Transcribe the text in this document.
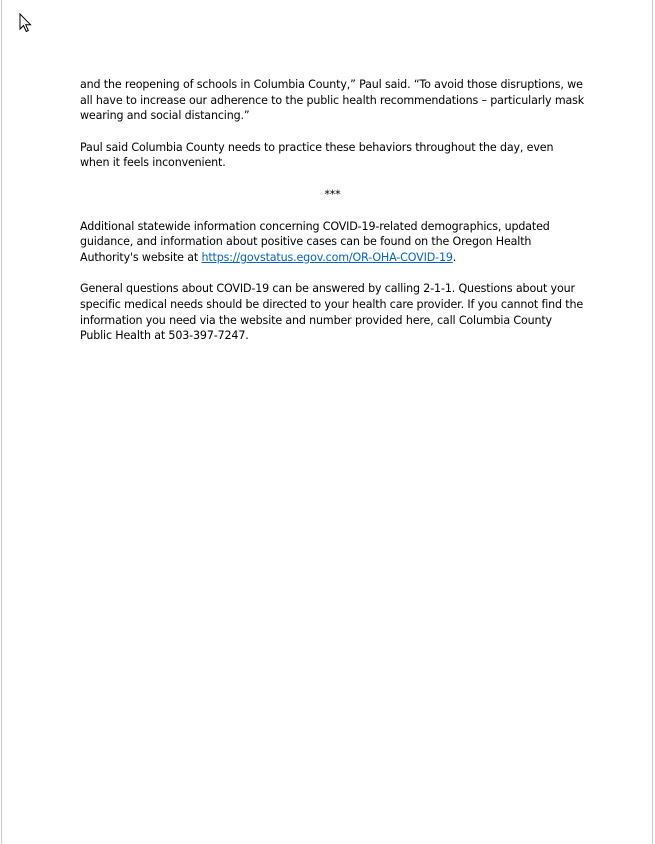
and the reopening of schools in Columbia County,” Paul said. “To avoid those disruptions, we all have to increase our adherence to the public health recommendations – particularly mask wearing and social distancing.”

Paul said Columbia County needs to practice these behaviors throughout the day, even when it feels inconvenient.

***

Additional statewide information concerning COVID-19-related demographics, updated guidance, and information about positive cases can be found on the Oregon Health Authority's website at https://govstatus.egov.com/OR-OHA-COVID-19.

General questions about COVID-19 can be answered by calling 2-1-1. Questions about your specific medical needs should be directed to your health care provider. If you cannot find the information you need via the website and number provided here, call Columbia County Public Health at 503-397-7247.
